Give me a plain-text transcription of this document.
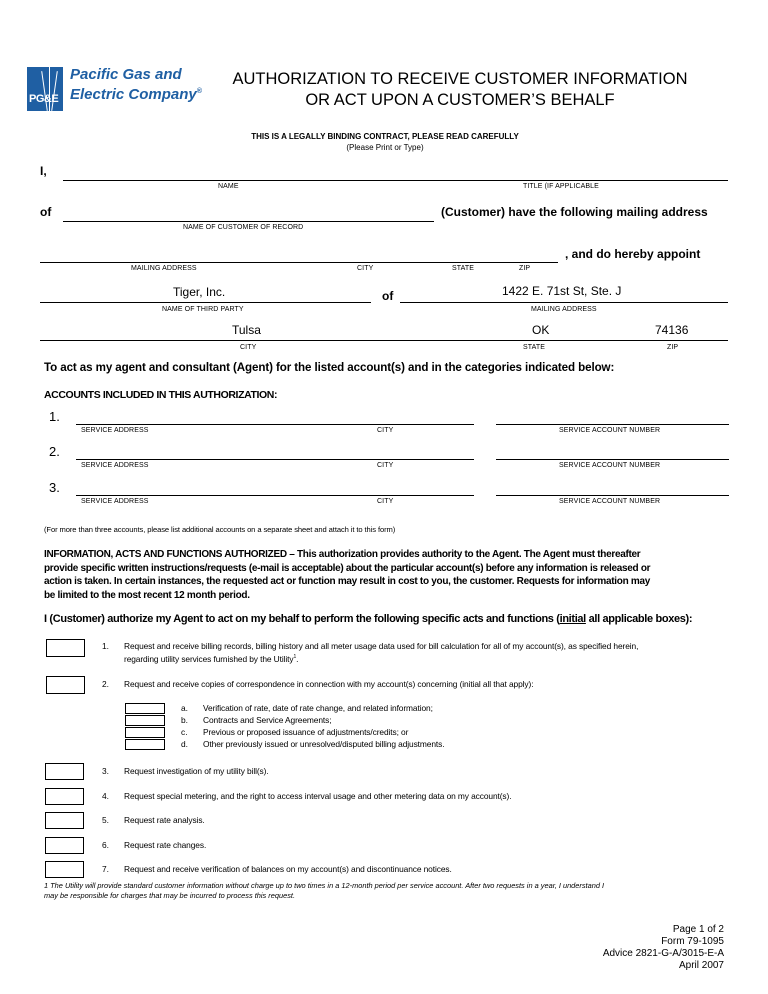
PG&E
Pacific Gas and
Electric Company®
AUTHORIZATION TO RECEIVE CUSTOMER INFORMATION
OR ACT UPON A CUSTOMER’S BEHALF
THIS IS A LEGALLY BINDING CONTRACT, PLEASE READ CAREFULLY
(Please Print or Type)
I,
NAME	TITLE (IF APPLICABLE
of	(Customer) have the following mailing address
NAME OF CUSTOMER OF RECORD
, and do hereby appoint
MAILING ADDRESS	CITY	STATE	ZIP
Tiger, Inc.	of	1422 E. 71st St, Ste. J
NAME OF THIRD PARTY	MAILING ADDRESS
Tulsa	OK	74136
CITY	STATE	ZIP
To act as my agent and consultant (Agent) for the listed account(s) and in the categories indicated below:
ACCOUNTS INCLUDED IN THIS AUTHORIZATION:
1.
SERVICE ADDRESS	CITY	SERVICE ACCOUNT NUMBER
2.
SERVICE ADDRESS	CITY	SERVICE ACCOUNT NUMBER
3.
SERVICE ADDRESS	CITY	SERVICE ACCOUNT NUMBER
(For more than three accounts, please list additional accounts on a separate sheet and attach it to this form)
INFORMATION, ACTS AND FUNCTIONS AUTHORIZED – This authorization provides authority to the Agent. The Agent must thereafter
provide specific written instructions/requests (e-mail is acceptable) about the particular account(s) before any information is released or
action is taken. In certain instances, the requested act or function may result in cost to you, the customer. Requests for information may
be limited to the most recent 12 month period.
I (Customer) authorize my Agent to act on my behalf to perform the following specific acts and functions (initial all applicable boxes):
1. Request and receive billing records, billing history and all meter usage data used for bill calculation for all of my account(s), as specified herein,
regarding utility services furnished by the Utility$^1$.
2. Request and receive copies of correspondence in connection with my account(s) concerning (initial all that apply):
a. Verification of rate, date of rate change, and related information;
b. Contracts and Service Agreements;
c. Previous or proposed issuance of adjustments/credits; or
d. Other previously issued or unresolved/disputed billing adjustments.
3. Request investigation of my utility bill(s).
4. Request special metering, and the right to access interval usage and other metering data on my account(s).
5. Request rate analysis.
6. Request rate changes.
7. Request and receive verification of balances on my account(s) and discontinuance notices.
1 The Utility will provide standard customer information without charge up to two times in a 12-month period per service account. After two requests in a year, I understand I
may be responsible for charges that may be incurred to process this request.
Page 1 of 2
Form 79-1095
Advice 2821-G-A/3015-E-A
April 2007
